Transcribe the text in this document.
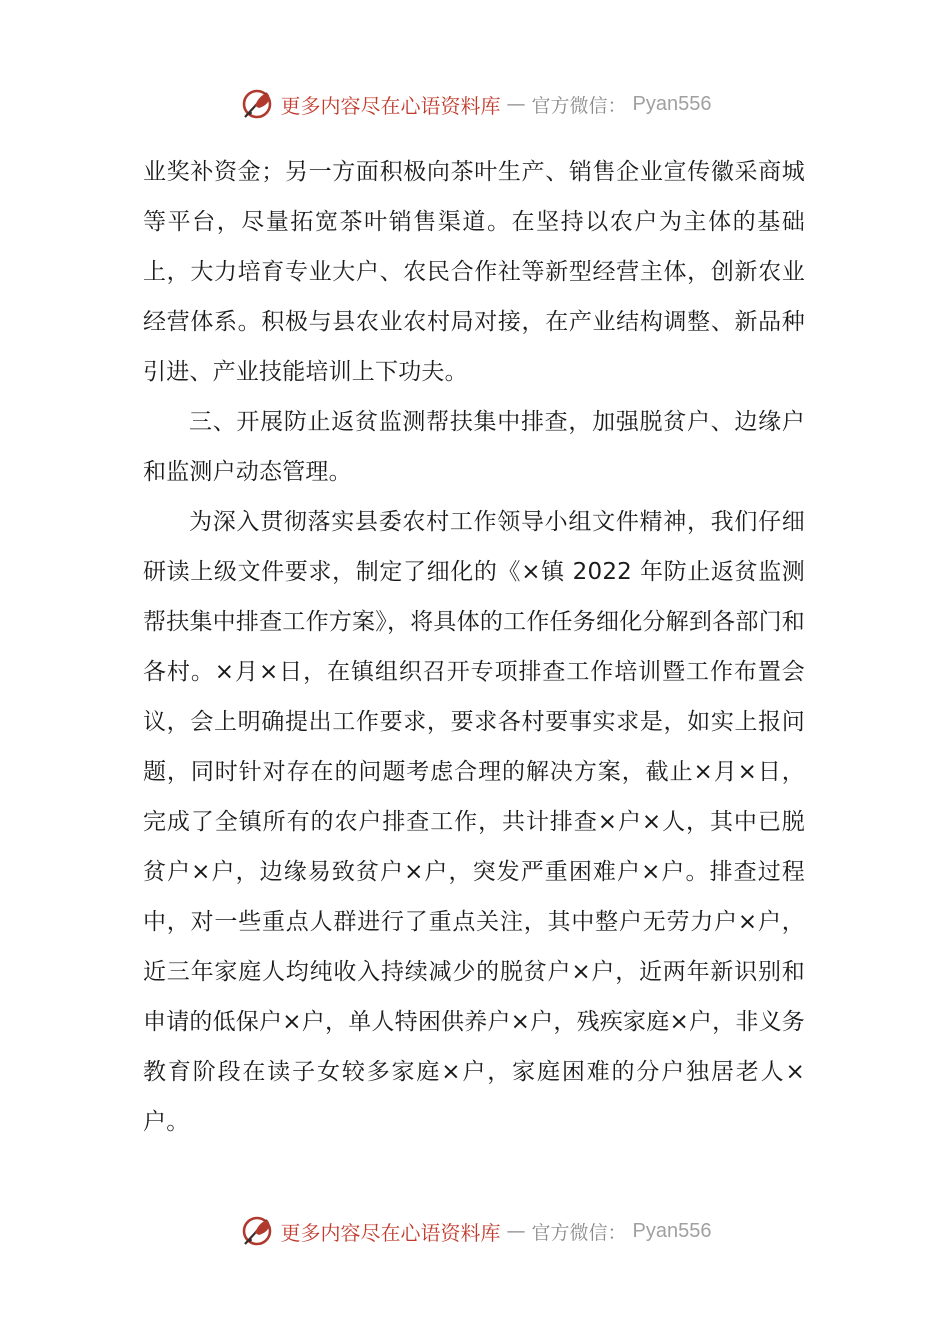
更多内容尽在心语资料库 — 官方微信： Pyan556

业奖补资金；另一方面积极向茶叶生产、销售企业宣传徽采商城等平台，尽量拓宽茶叶销售渠道。在坚持以农户为主体的基础上，大力培育专业大户、农民合作社等新型经营主体，创新农业经营体系。积极与县农业农村局对接，在产业结构调整、新品种引进、产业技能培训上下功夫。

三、开展防止返贫监测帮扶集中排查，加强脱贫户、边缘户和监测户动态管理。

为深入贯彻落实县委农村工作领导小组文件精神，我们仔细研读上级文件要求，制定了细化的《×镇 2022 年防止返贫监测帮扶集中排查工作方案》，将具体的工作任务细化分解到各部门和各村。×月×日，在镇组织召开专项排查工作培训暨工作布置会议，会上明确提出工作要求，要求各村要事实求是，如实上报问题，同时针对存在的问题考虑合理的解决方案，截止×月×日，完成了全镇所有的农户排查工作，共计排查×户×人，其中已脱贫户×户，边缘易致贫户×户，突发严重困难户×户。排查过程中，对一些重点人群进行了重点关注，其中整户无劳力户×户，近三年家庭人均纯收入持续减少的脱贫户×户，近两年新识别和申请的低保户×户，单人特困供养户×户，残疾家庭×户，非义务教育阶段在读子女较多家庭×户，家庭困难的分户独居老人×户。

更多内容尽在心语资料库 — 官方微信： Pyan556
